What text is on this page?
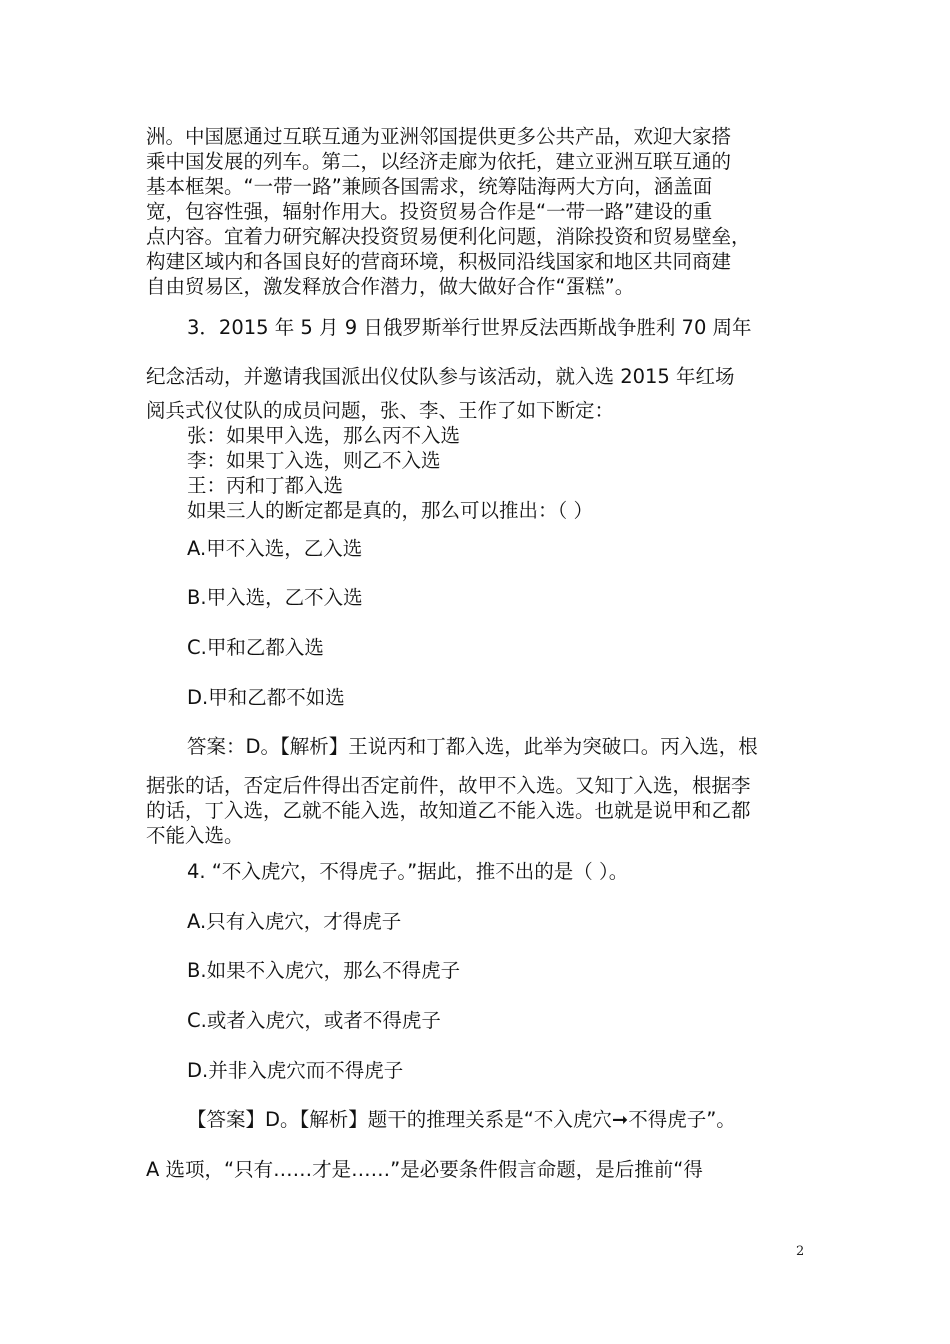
洲。中国愿通过互联互通为亚洲邻国提供更多公共产品，欢迎大家搭
乘中国发展的列车。第二，以经济走廊为依托，建立亚洲互联互通的
基本框架。“一带一路”兼顾各国需求，统筹陆海两大方向，涵盖面
宽，包容性强，辐射作用大。投资贸易合作是“一带一路”建设的重
点内容。宜着力研究解决投资贸易便利化问题，消除投资和贸易壁垒，
构建区域内和各国良好的营商环境，积极同沿线国家和地区共同商建
自由贸易区，激发释放合作潜力，做大做好合作“蛋糕”。
3．2015 年 5 月 9 日俄罗斯举行世界反法西斯战争胜利 70 周年
纪念活动，并邀请我国派出仪仗队参与该活动，就入选 2015 年红场
阅兵式仪仗队的成员问题，张、李、王作了如下断定：
张：如果甲入选，那么丙不入选
李：如果丁入选，则乙不入选
王：丙和丁都入选
如果三人的断定都是真的，那么可以推出：（ ）
A.甲不入选，乙入选
B.甲入选，乙不入选
C.甲和乙都入选
D.甲和乙都不如选
答案：D。【解析】王说丙和丁都入选，此举为突破口。丙入选，根
据张的话，否定后件得出否定前件，故甲不入选。又知丁入选，根据李
的话，丁入选，乙就不能入选，故知道乙不能入选。也就是说甲和乙都
不能入选。
4. “不入虎穴，不得虎子。”据此，推不出的是（ ）。
A.只有入虎穴，才得虎子
B.如果不入虎穴，那么不得虎子
C.或者入虎穴，或者不得虎子
D.并非入虎穴而不得虎子
【答案】D。【解析】题干的推理关系是“不入虎穴➞不得虎子”。
A 选项，“只有……才是……”是必要条件假言命题，是后推前“得
2
